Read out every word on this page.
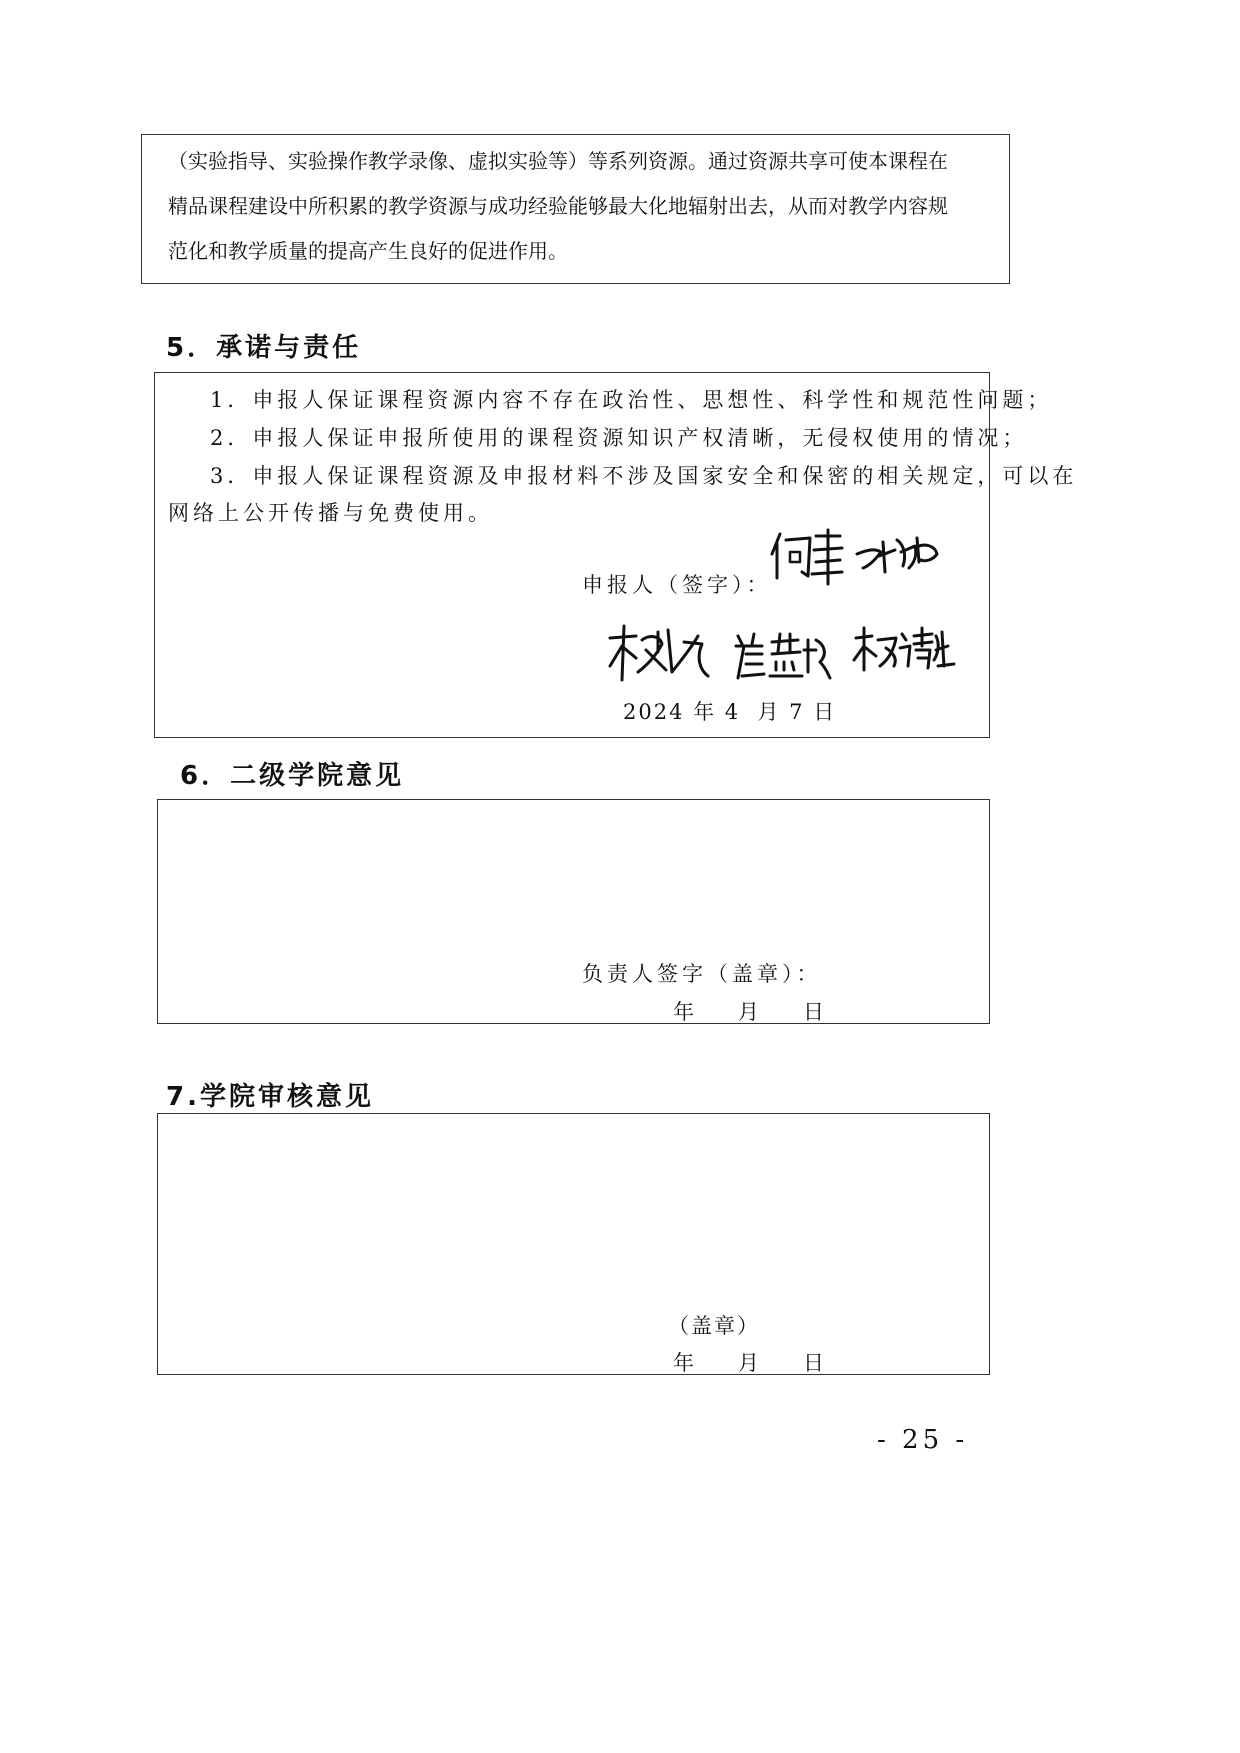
（实验指导、实验操作教学录像、虚拟实验等）等系列资源。通过资源共享可使本课程在
精品课程建设中所积累的教学资源与成功经验能够最大化地辐射出去，从而对教学内容规
范化和教学质量的提高产生良好的促进作用。
5．承诺与责任
1．申报人保证课程资源内容不存在政治性、思想性、科学性和规范性问题；
2．申报人保证申报所使用的课程资源知识产权清晰，无侵权使用的情况；
3．申报人保证课程资源及申报材料不涉及国家安全和保密的相关规定，可以在
网络上公开传播与免费使用。
申报人（签字）：
2024 年 4  月 7 日
6．二级学院意见
负责人签字（盖章）：
年   月   日
7.学院审核意见
（盖章）
年   月   日
- 25 -
